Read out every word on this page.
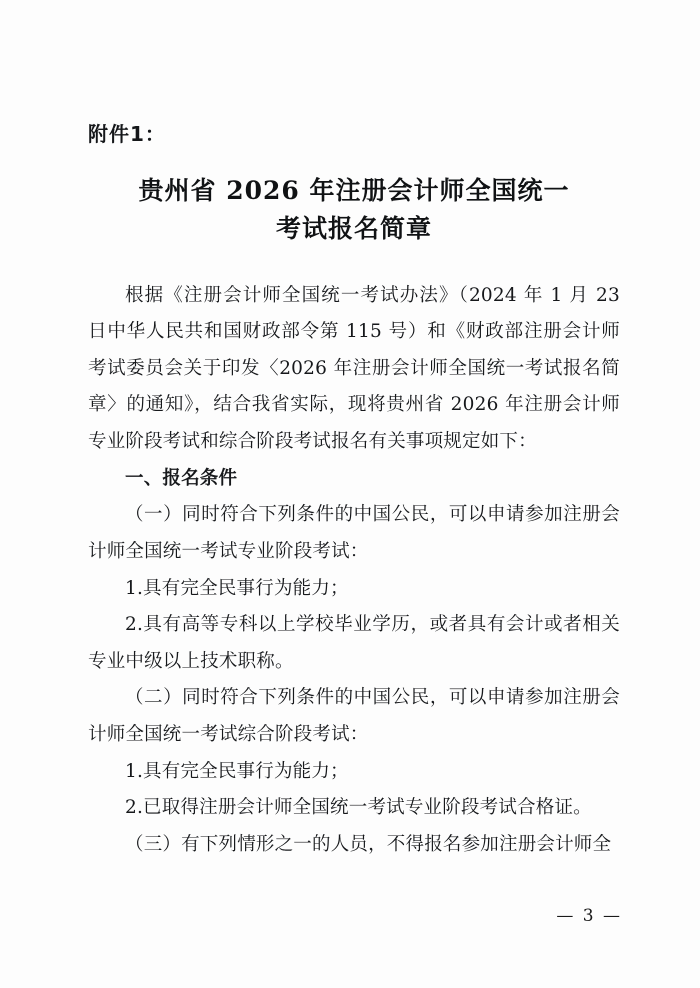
附件1：
贵州省 2026 年注册会计师全国统一
考试报名简章

根据《注册会计师全国统一考试办法》（2024 年 1 月 23 日中华人民共和国财政部令第 115 号）和《财政部注册会计师考试委员会关于印发〈2026 年注册会计师全国统一考试报名简章〉的通知》，结合我省实际，现将贵州省 2026 年注册会计师专业阶段考试和综合阶段考试报名有关事项规定如下：

一、报名条件

（一）同时符合下列条件的中国公民，可以申请参加注册会计师全国统一考试专业阶段考试：

1.具有完全民事行为能力；

2.具有高等专科以上学校毕业学历，或者具有会计或者相关专业中级以上技术职称。

（二）同时符合下列条件的中国公民，可以申请参加注册会计师全国统一考试综合阶段考试：

1.具有完全民事行为能力；

2.已取得注册会计师全国统一考试专业阶段考试合格证。

（三）有下列情形之一的人员，不得报名参加注册会计师全

— 3 —
